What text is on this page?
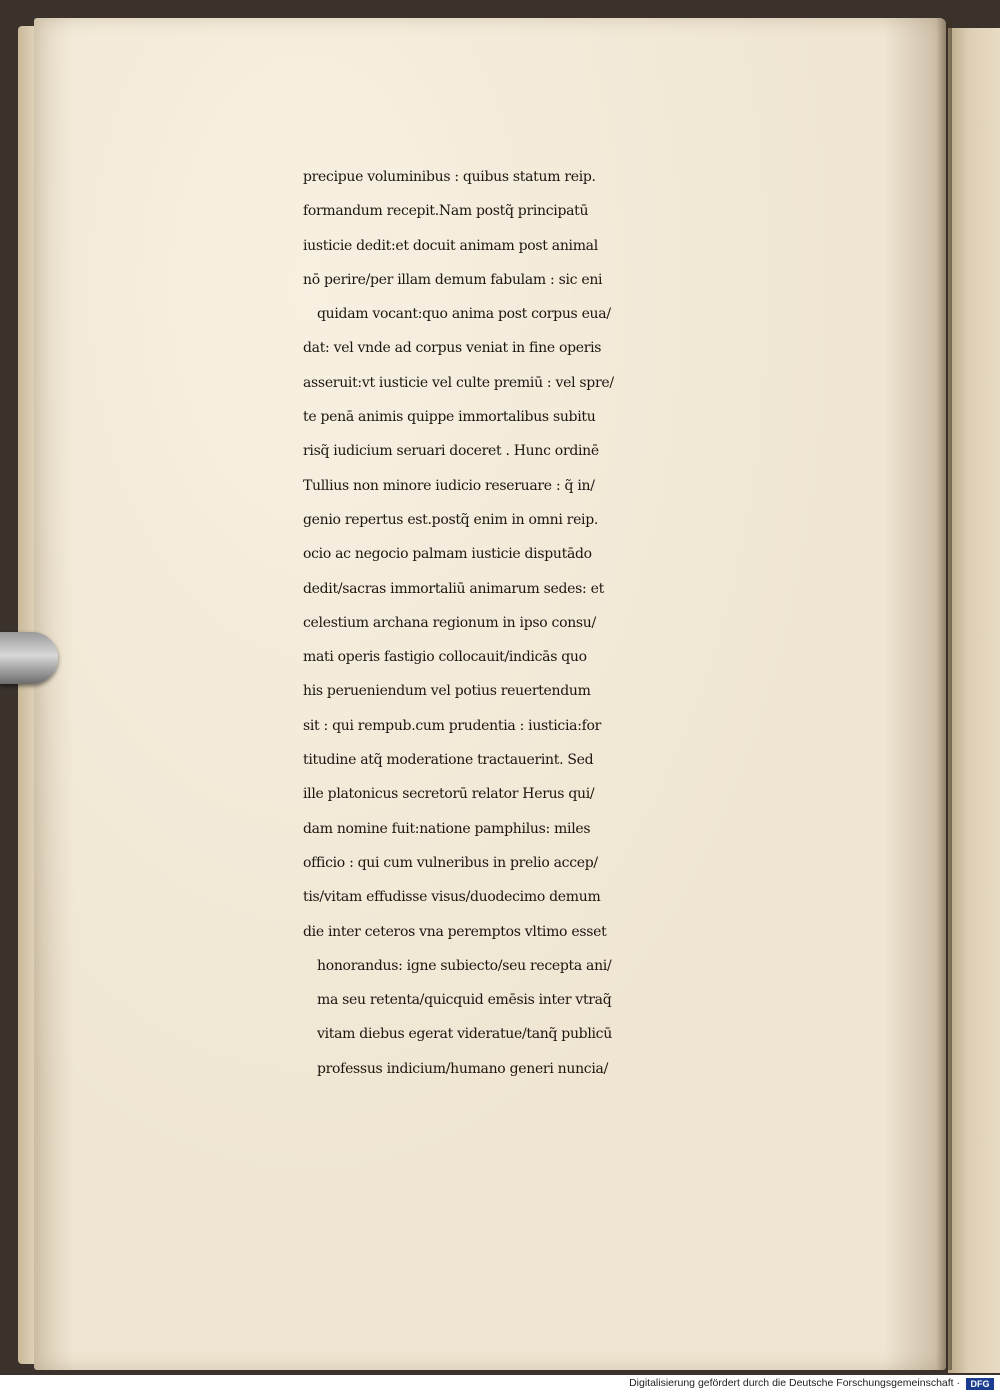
precipue voluminibus : quibus statum reip.
formandum recepit.Nam postq̃ principatū
iusticie dedit:et docuit animam post animal
nō perire/per illam demum fabulam : sic eni
quidam vocant:quo anima post corpus eua/
dat: vel vnde ad corpus veniat in fine operis
asseruit:vt iusticie vel culte premiū : vel spre/
te penā animis quippe immortalibus subitu
risq̃ iudicium seruari doceret . Hunc ordinē
Tullius non minore iudicio reseruare : q̃ in/
genio repertus est.postq̃ enim in omni reip.
ocio ac negocio palmam iusticie disputādo
dedit/sacras immortaliū animarum sedes: et
celestium archana regionum in ipso consu/
mati operis fastigio collocauit/indicās quo
his perueniendum vel potius reuertendum
sit : qui rempub.cum prudentia : iusticia:for
titudine atq̃ moderatione tractauerint. Sed
ille platonicus secretorū relator Herus qui/
dam nomine fuit:natione pamphilus: miles
officio : qui cum vulneribus in prelio accep/
tis/vitam effudisse visus/duodecimo demum
die inter ceteros vna peremptos vltimo esset
honorandus: igne subiecto/seu recepta ani/
ma seu retenta/quicquid emēsis inter vtraq̃
vitam diebus egerat videratue/tanq̃ publicū
professus indicium/humano generi nuncia/
Digitalisierung gefördert durch die Deutsche Forschungsgemeinschaft ·	DFG
